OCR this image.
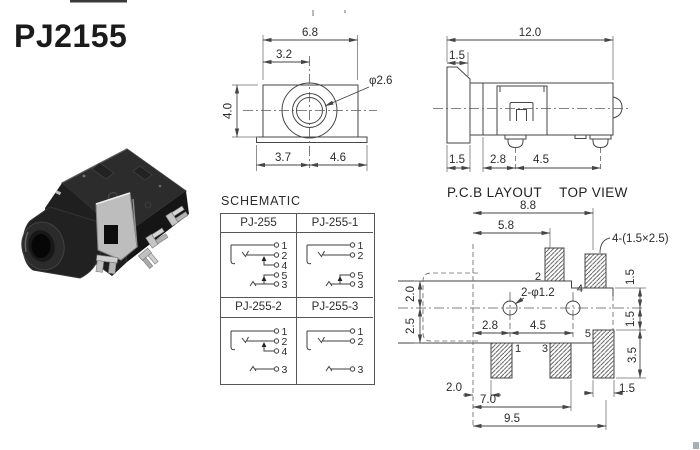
6.8
3.2
4.0
φ2.6
3.7	4.6
12.0
1.5
1.5 2.8 4.5
2
4
1 3
5
8.8
5.8
4-(1.5×2.5)
2-φ1.2
2.8	4.5
2.0
2.5
1.5
1.5
3.5
2.0
7.0
9.5
1.5
PJ2155
SCHEMATIC
P.C.B LAYOUT TOP VIEW
PJ-255	PJ-255-1
1
2
4
5
3
1
2
5
3
PJ-255-2	PJ-255-3
1
2
4
3
1
2
3
